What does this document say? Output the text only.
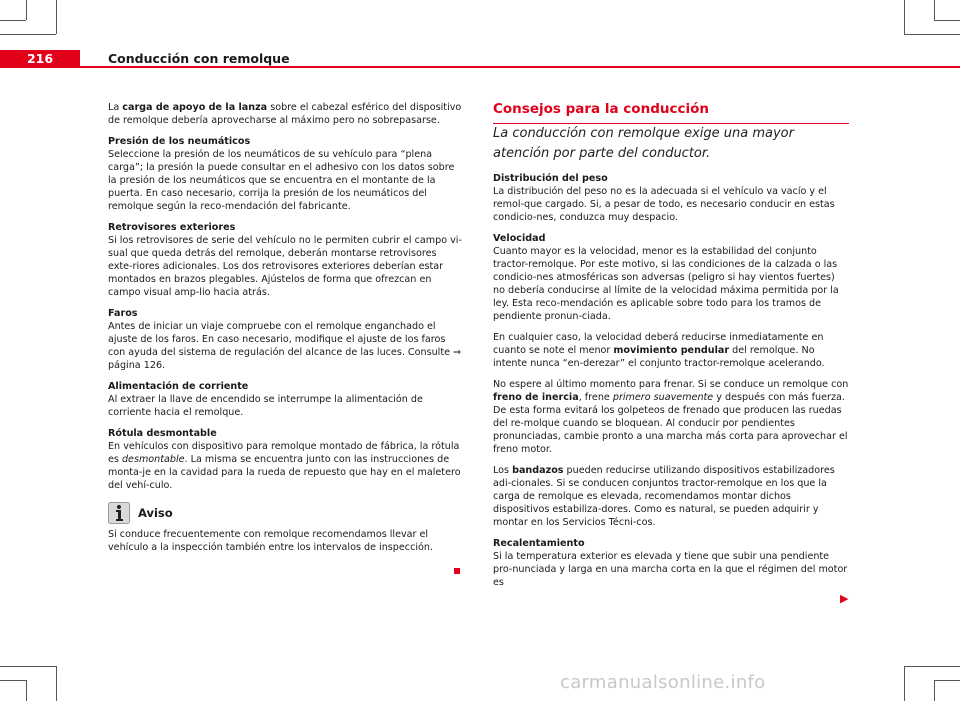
216	Conducción con remolque

La carga de apoyo de la lanza sobre el cabezal esférico del dispositivo de remolque debería aprovecharse al máximo pero no sobrepasarse.

Presión de los neumáticos

Seleccione la presión de los neumáticos de su vehículo para “plena carga”; la presión la puede consultar en el adhesivo con los datos sobre la presión de los neumáticos que se encuentra en el montante de la puerta. En caso necesario, corrija la presión de los neumáticos del remolque según la reco-mendación del fabricante.

Retrovisores exteriores

Si los retrovisores de serie del vehículo no le permiten cubrir el campo vi-sual que queda detrás del remolque, deberán montarse retrovisores exte-riores adicionales. Los dos retrovisores exteriores deberían estar montados en brazos plegables. Ajústelos de forma que ofrezcan en campo visual amp-lio hacia atrás.

Faros

Antes de iniciar un viaje compruebe con el remolque enganchado el ajuste de los faros. En caso necesario, modifique el ajuste de los faros con ayuda del sistema de regulación del alcance de las luces. Consulte ⇒ página 126.

Alimentación de corriente

Al extraer la llave de encendido se interrumpe la alimentación de corriente hacia el remolque.

Rótula desmontable

En vehículos con dispositivo para remolque montado de fábrica, la rótula es desmontable. La misma se encuentra junto con las instrucciones de monta-je en la cavidad para la rueda de repuesto que hay en el maletero del vehí-culo.

Aviso

Si conduce frecuentemente con remolque recomendamos llevar el vehículo a la inspección también entre los intervalos de inspección.

Consejos para la conducción

La conducción con remolque exige una mayor atención por parte del conductor.

Distribución del peso

La distribución del peso no es la adecuada si el vehículo va vacío y el remol-que cargado. Si, a pesar de todo, es necesario conducir en estas condicio-nes, conduzca muy despacio.

Velocidad

Cuanto mayor es la velocidad, menor es la estabilidad del conjunto tractor-remolque. Por este motivo, si las condiciones de la calzada o las condicio-nes atmosféricas son adversas (peligro si hay vientos fuertes) no debería conducirse al límite de la velocidad máxima permitida por la ley. Esta reco-mendación es aplicable sobre todo para los tramos de pendiente pronun-ciada.

En cualquier caso, la velocidad deberá reducirse inmediatamente en cuanto se note el menor movimiento pendular del remolque. No intente nunca “en-derezar” el conjunto tractor-remolque acelerando.

No espere al último momento para frenar. Si se conduce un remolque con freno de inercia, frene primero suavemente y después con más fuerza. De esta forma evitará los golpeteos de frenado que producen las ruedas del re-molque cuando se bloquean. Al conducir por pendientes pronunciadas, cambie pronto a una marcha más corta para aprovechar el freno motor.

Los bandazos pueden reducirse utilizando dispositivos estabilizadores adi-cionales. Si se conducen conjuntos tractor-remolque en los que la carga de remolque es elevada, recomendamos montar dichos dispositivos estabiliza-dores. Como es natural, se pueden adquirir y montar en los Servicios Técni-cos.

Recalentamiento

Si la temperatura exterior es elevada y tiene que subir una pendiente pro-nunciada y larga en una marcha corta en la que el régimen del motor es

▶
carmanualsonline.info
